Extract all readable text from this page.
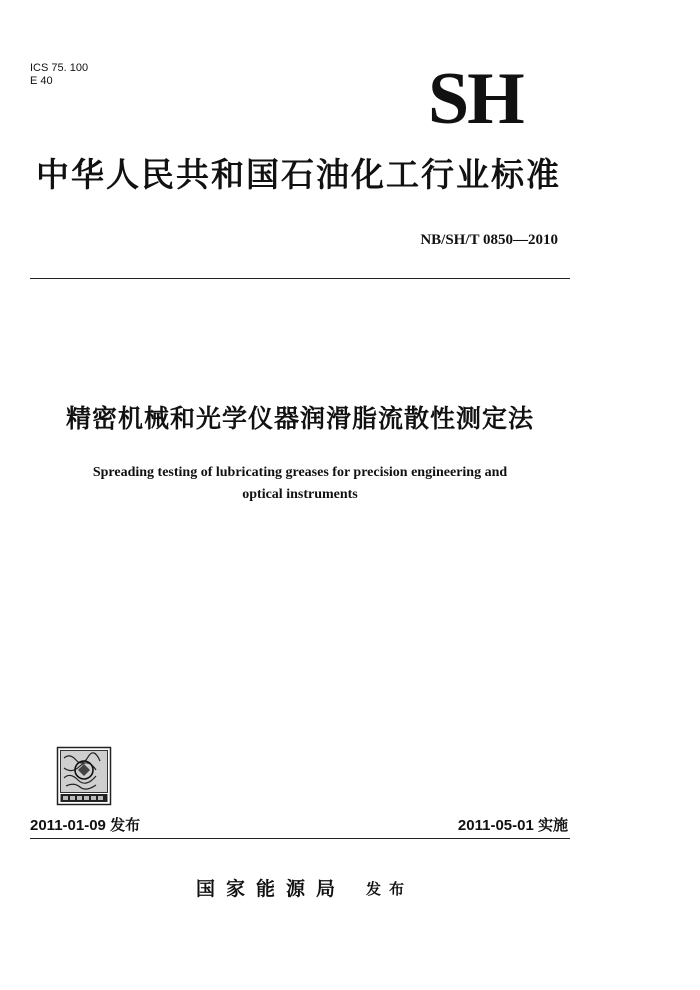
ICS 75. 100
E 40	SH
中华人民共和国石油化工行业标准
NB/SH/T 0850—2010
精密机械和光学仪器润滑脂流散性测定法
Spreading testing of lubricating greases for precision engineering and
optical instruments
2011-01-09 发布	2011-05-01 实施
国家能源局 发布
